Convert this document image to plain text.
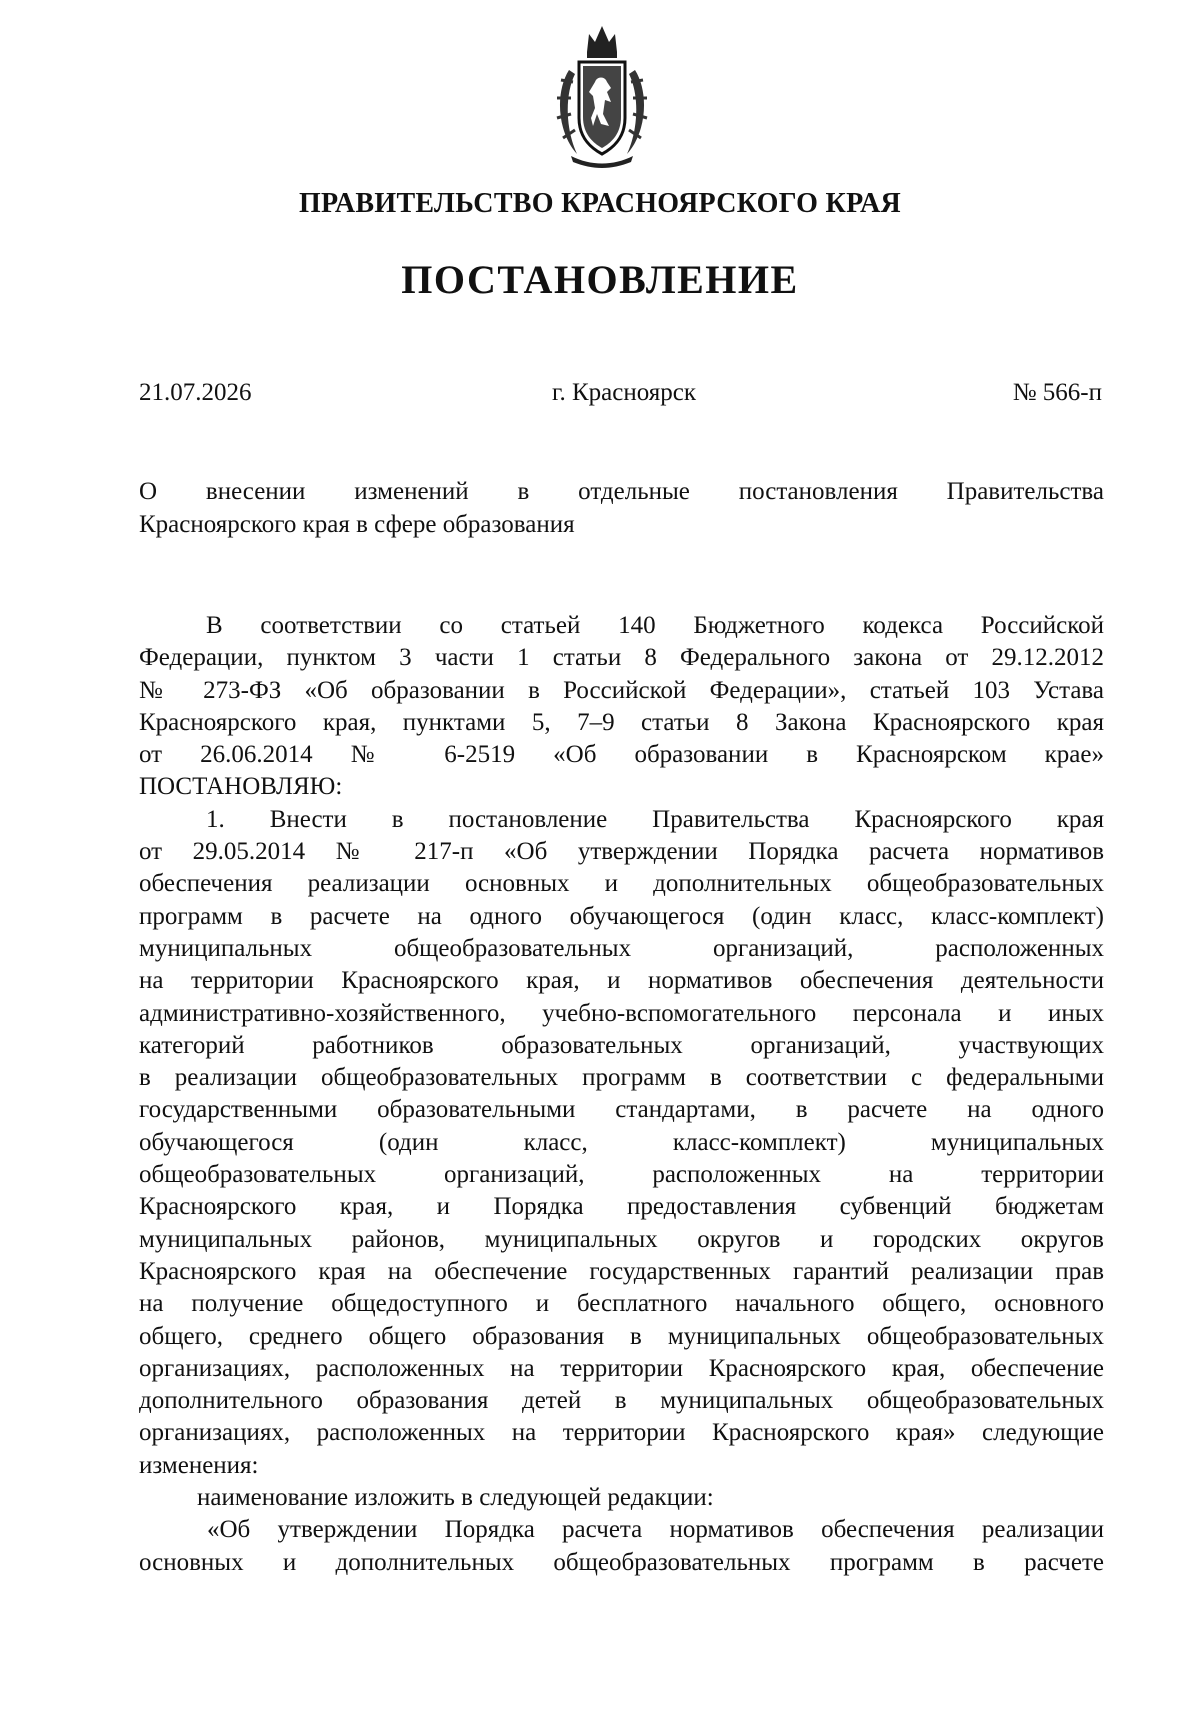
ПРАВИТЕЛЬСТВО КРАСНОЯРСКОГО КРАЯ
ПОСТАНОВЛЕНИЕ
21.07.2026	г. Красноярск	№ 566-п
О внесении изменений в отдельные постановления Правительства
Красноярского края в сфере образования
В соответствии со статьей 140 Бюджетного кодекса Российской
Федерации, пунктом 3 части 1 статьи 8 Федерального закона от 29.12.2012
№ 273-ФЗ «Об образовании в Российской Федерации», статьей 103 Устава
Красноярского края, пунктами 5, 7–9 статьи 8 Закона Красноярского края
от 26.06.2014 № 6-2519 «Об образовании в Красноярском крае»
ПОСТАНОВЛЯЮ:
1. Внести в постановление Правительства Красноярского края
от 29.05.2014 № 217-п «Об утверждении Порядка расчета нормативов
обеспечения реализации основных и дополнительных общеобразовательных
программ в расчете на одного обучающегося (один класс, класс-комплект)
муниципальных общеобразовательных организаций, расположенных
на территории Красноярского края, и нормативов обеспечения деятельности
административно-хозяйственного, учебно-вспомогательного персонала и иных
категорий работников образовательных организаций, участвующих
в реализации общеобразовательных программ в соответствии с федеральными
государственными образовательными стандартами, в расчете на одного
обучающегося (один класс, класс-комплект) муниципальных
общеобразовательных организаций, расположенных на территории
Красноярского края, и Порядка предоставления субвенций бюджетам
муниципальных районов, муниципальных округов и городских округов
Красноярского края на обеспечение государственных гарантий реализации прав
на получение общедоступного и бесплатного начального общего, основного
общего, среднего общего образования в муниципальных общеобразовательных
организациях, расположенных на территории Красноярского края, обеспечение
дополнительного образования детей в муниципальных общеобразовательных
организациях, расположенных на территории Красноярского края» следующие
изменения:
наименование изложить в следующей редакции:
«Об утверждении Порядка расчета нормативов обеспечения реализации
основных и дополнительных общеобразовательных программ в расчете
